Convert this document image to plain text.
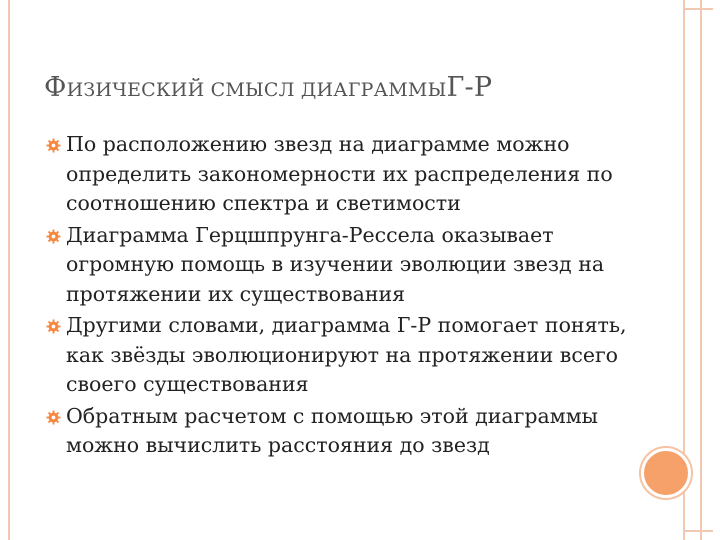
ФИЗИЧЕСКИЙ СМЫСЛ ДИАГРАММЫГ-Р
По расположению звезд на диаграмме можно определить закономерности их распределения по соотношению спектра и светимости
Диаграмма Герцшпрунга-Рессела оказывает огромную помощь в изучении эволюции звезд на протяжении их существования
Другими словами, диаграмма Г-Р помогает понять, как звёзды эволюционируют на протяжении всего своего существования
Обратным расчетом с помощью этой диаграммы можно вычислить расстояния до звезд
